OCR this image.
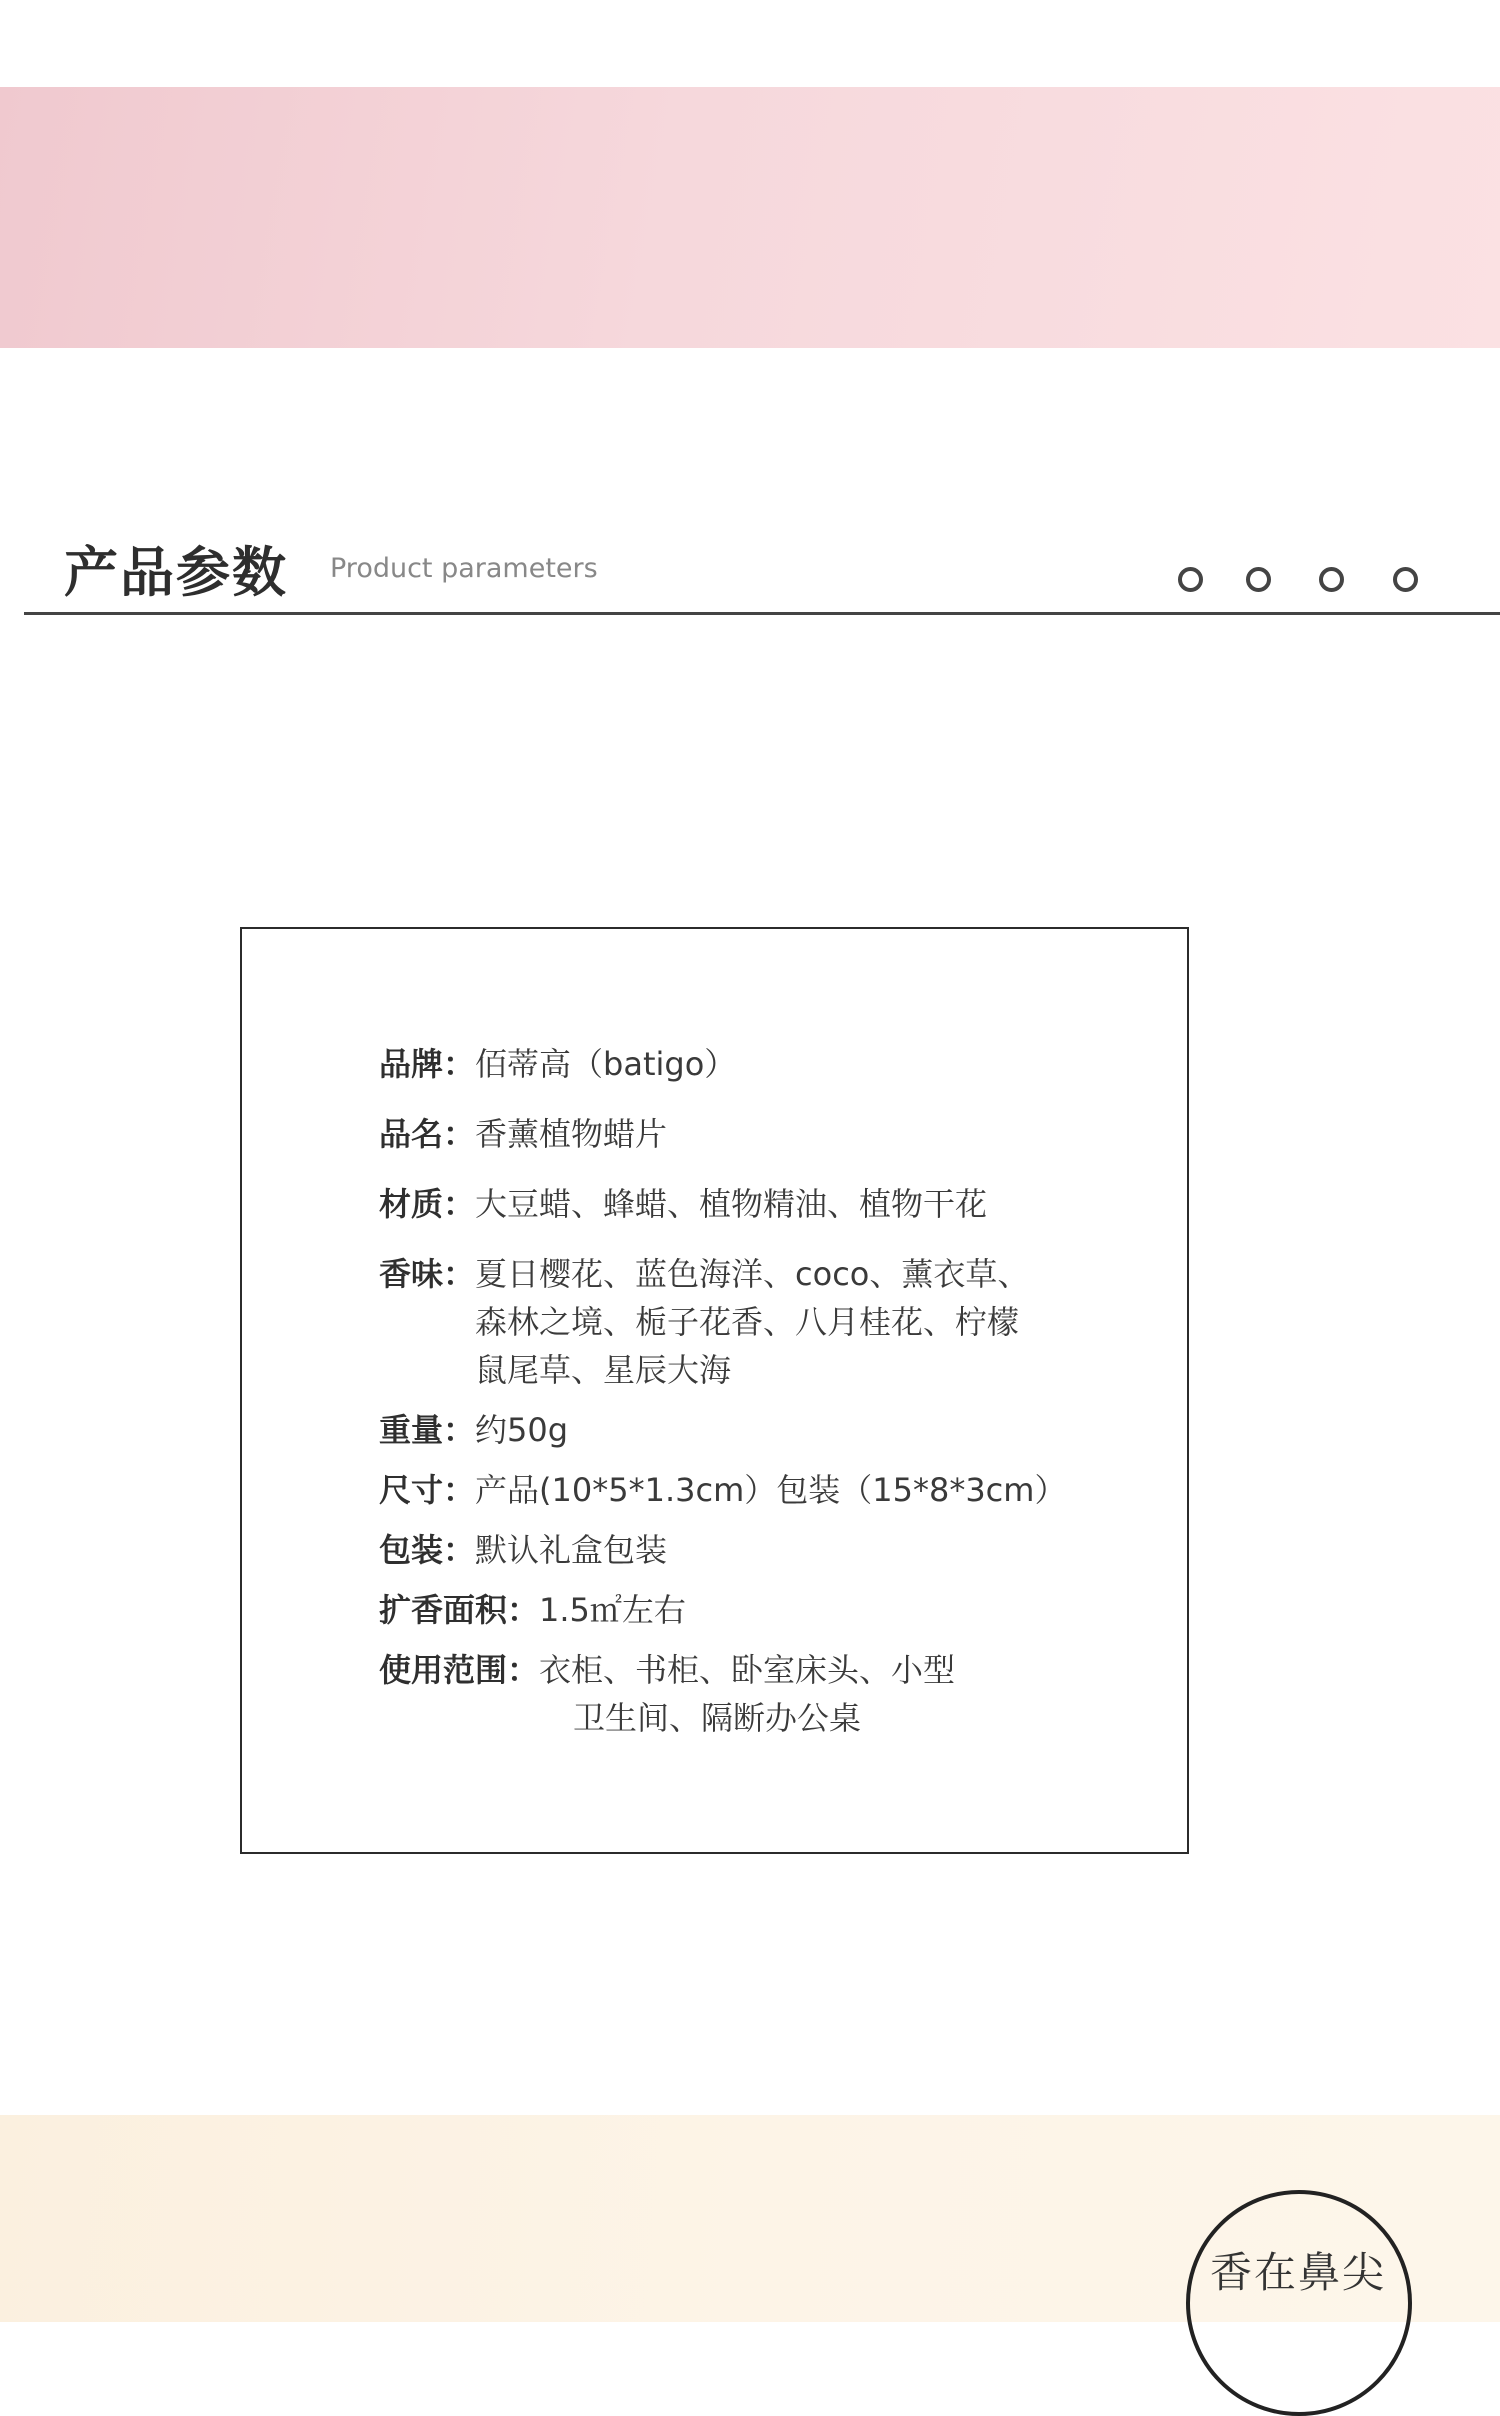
产品参数 Product parameters
品牌： 佰蒂高（batigo）
品名： 香薰植物蜡片
材质： 大豆蜡、蜂蜡、植物精油、植物干花
香味： 夏日樱花、蓝色海洋、coco、薰衣草、
森林之境、栀子花香、八月桂花、柠檬
鼠尾草、星辰大海
重量： 约50g
尺寸： 产品(10*5*1.3cm）包装（15*8*3cm）
包装： 默认礼盒包装
扩香面积： 1.5㎡左右
使用范围： 衣柜、书柜、卧室床头、小型
卫生间、隔断办公桌
香在鼻尖
